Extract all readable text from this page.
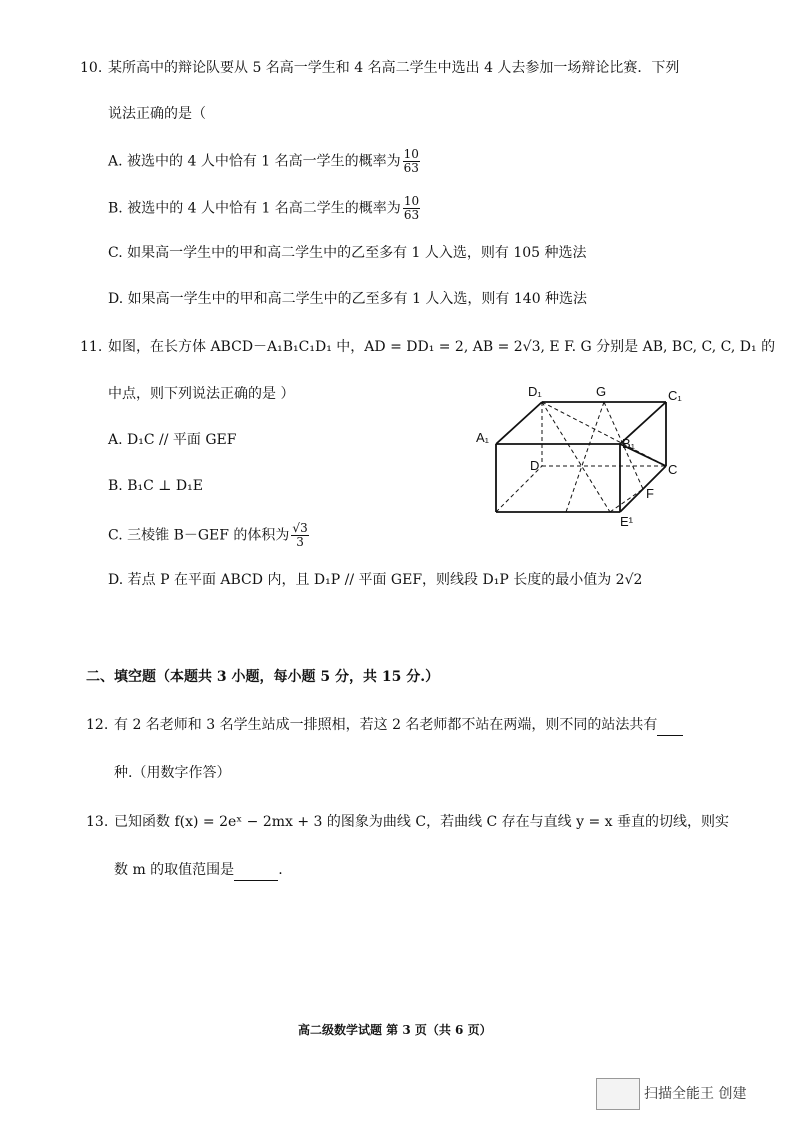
10. 某所高中的辩论队要从 5 名高一学生和 4 名高二学生中选出 4 人去参加一场辩论比赛．下列
说法正确的是（
A. 被选中的 4 人中恰有 1 名高一学生的概率为 $\frac{10}{63}$
B. 被选中的 4 人中恰有 1 名高二学生的概率为 $\frac{10}{63}$
C. 如果高一学生中的甲和高二学生中的乙至多有 1 人入选，则有 105 种选法
D. 如果高一学生中的甲和高二学生中的乙至多有 1 人入选，则有 140 种选法
11. 如图，在长方体 ABCD－A₁B₁C₁D₁ 中，AD = DD₁ = 2, AB = 2√3, E F. G 分别是 AB, BC, C, C, D₁ 的
中点，则下列说法正确的是 ）
A. D₁C // 平面 GEF
B. B₁C ⊥ D₁E
C. 三棱锥 B－GEF 的体积为 $\frac{√3}{3}$
D. 若点 P 在平面 ABCD 内，且 D₁P // 平面 GEF，则线段 D₁P 长度的最小值为 2√2
D₁	G	C₁
A₁	B₁
D	C
F
E¹
二、填空题（本题共 3 小题，每小题 5 分，共 15 分.）
12. 有 2 名老师和 3 名学生站成一排照相，若这 2 名老师都不站在两端，则不同的站法共有
种.（用数字作答）
13. 已知函数 f(x) = 2eˣ − 2mx + 3 的图象为曲线 C，若曲线 C 存在与直线 y = x 垂直的切线，则实
数 m 的取值范围是	.
高二级数学试题 第 3 页（共 6 页）
扫描全能王 创建
